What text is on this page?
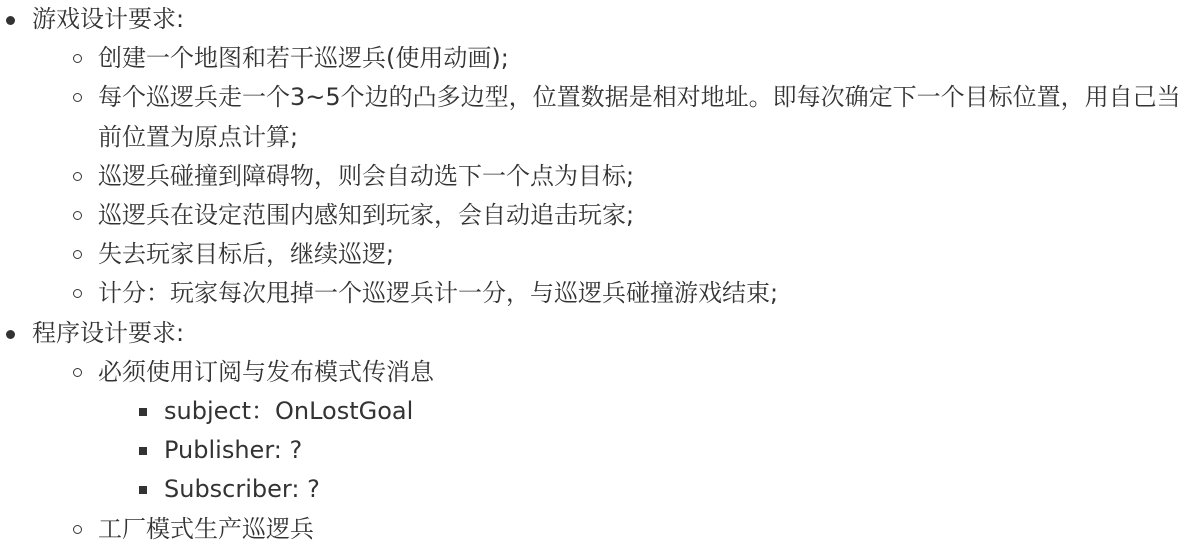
游戏设计要求:
创建一个地图和若干巡逻兵(使用动画);
每个巡逻兵走一个3~5个边的凸多边型，位置数据是相对地址。即每次确定下一个目标位置，用自己当前位置为原点计算;
巡逻兵碰撞到障碍物，则会自动选下一个点为目标;
巡逻兵在设定范围内感知到玩家，会自动追击玩家;
失去玩家目标后，继续巡逻;
计分：玩家每次甩掉一个巡逻兵计一分，与巡逻兵碰撞游戏结束;
程序设计要求:
必须使用订阅与发布模式传消息
subject：OnLostGoal
Publisher: ?
Subscriber: ?
工厂模式生产巡逻兵
